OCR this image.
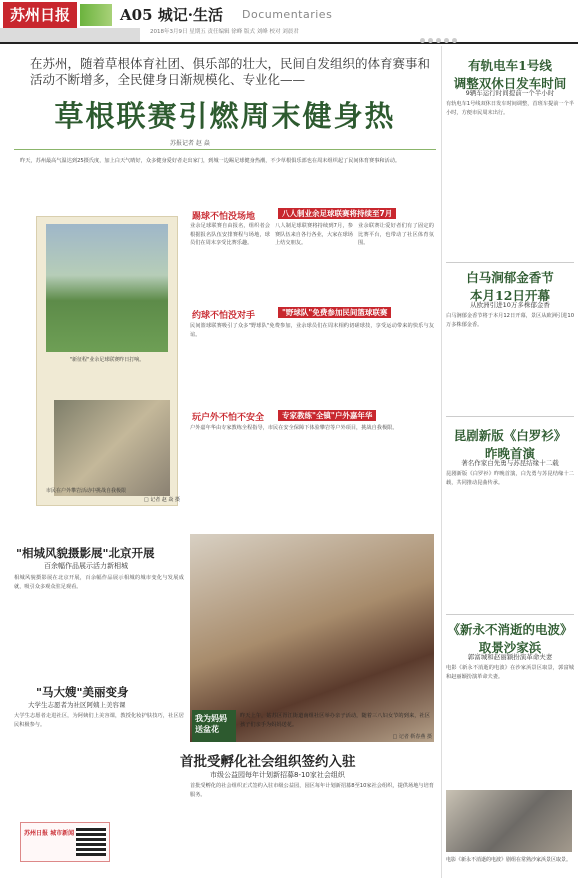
苏州日报	A05 城记·生活 Documentaries
2018年3月9日 星期五 责任编辑 徐峰 版式 刘峰 校对 刘晨君
在苏州，随着草根体育社团、俱乐部的壮大，民间自发组织的体育赛事和活动不断增多，全民健身日渐规模化、专业化——
草根联赛引燃周末健身热
苏报记者 赵 焱
昨天，苏州最高气温达到25摄氏度，加上白天气晴好，众多健身爱好者走出家门，到城一边踢足球健身热潮，不少草根俱乐部也在周末组织起了民间体育赛事和活动。
"新征程"业余足球联赛昨日打响。
市民在户外攀岩活动中挑战自我极限
□ 记者 赵 焱 摄
踢球不怕没场地	八人制业余足球联赛将持续至7月
业余足球联赛自由报名，组织者会根据报名队伍安排赛程与场地，球员们在周末享受比赛乐趣。
八人制足球联赛将持续到7月，参赛队伍来自各行各业，大家在球场上结交朋友。
业余联赛让爱好者们有了固定的比赛平台，也带动了社区体育氛围。
约球不怕没对手	"野球队"免费参加民间篮球联赛
民间篮球联赛吸引了众多"野球队"免费参加，业余球员们在周末相约切磋球技，享受运动带来的快乐与友谊。
玩户外不怕不安全	专家教练"全镇"户外嘉年华
户外嘉年华由专家教练全程指导，市民在安全保障下体验攀岩等户外项目，挑战自我极限。
我为妈妈送盆花
昨天上午，姑苏区胥江街道南组社区举办亲子活动，随着三八妇女节的到来，社区孩子们亲手为妈妈送花。
□ 记者 靳春燕 摄
"相城风貌摄影展"北京开展
百余幅作品展示活力新相城
相城风貌摄影展在北京开展，百余幅作品展示相城的城市变化与发展成就，吸引众多观众驻足观看。
"马大嫂"美丽变身
大学生志愿者为社区阿姨上美容课
大学生志愿者走进社区，为阿姨们上美容课，教授化妆护肤技巧，社区居民积极参与。
苏州日报 城市新闻
首批受孵化社会组织签约入驻
市级公益园每年计划新招募8-10家社会组织
首批受孵化的社会组织正式签约入驻市级公益园，园区每年计划新招募8至10家社会组织，提供场地与培育服务。
有轨电车1号线
调整双休日发车时间
9辆车运行时间提前一个半小时
有轨电车1号线双休日发车时间调整，首班车提前一个半小时，方便市民周末出行。
白马涧郁金香节
本月12日开幕
从欧洲引进10万多株郁金香
白马涧郁金香节将于本月12日开幕，景区从欧洲引进10万多株郁金香。
昆剧新版《白罗衫》
昨晚首演
著名作家白先勇与苏昆结缘十二载
昆剧新版《白罗衫》昨晚首演，白先勇与苏昆结缘十二载，共同推动昆曲传承。
《新永不消逝的电波》
取景沙家浜
郭富城和赵丽颖扮演革命夫妻
电影《新永不消逝的电波》在沙家浜景区取景，郭富城和赵丽颖扮演革命夫妻。
电影《新永不消逝的电波》剧组在常熟沙家浜景区取景。
